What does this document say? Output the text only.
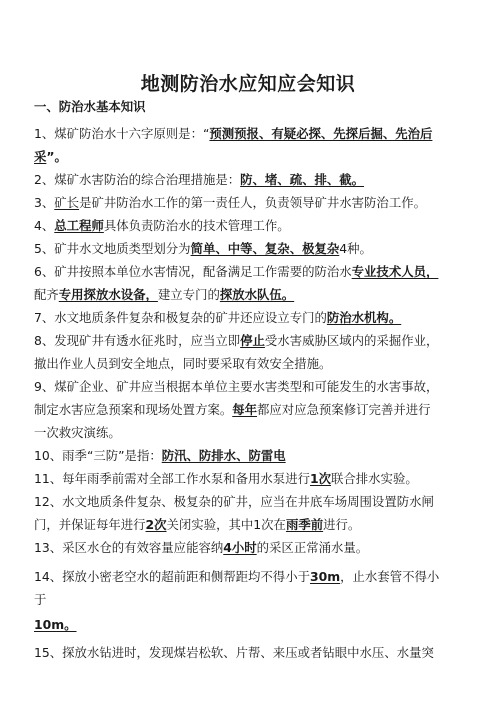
地测防治水应知应会知识
一、防治水基本知识
1、煤矿防治水十六字原则是：“预测预报、有疑必探、先探后掘、先治后
采”。
2、煤矿水害防治的综合治理措施是：防、堵、疏、排、截。
3、矿长是矿井防治水工作的第一责任人，负责领导矿井水害防治工作。
4、总工程师具体负责防治水的技术管理工作。
5、矿井水文地质类型划分为简单、中等、复杂、极复杂4种。
6、矿井按照本单位水害情况，配备满足工作需要的防治水专业技术人员，
配齐专用探放水设备，建立专门的探放水队伍。
7、水文地质条件复杂和极复杂的矿井还应设立专门的防治水机构。
8、发现矿井有透水征兆时，应当立即停止受水害威胁区域内的采掘作业，
撤出作业人员到安全地点，同时要采取有效安全措施。
9、煤矿企业、矿井应当根据本单位主要水害类型和可能发生的水害事故，
制定水害应急预案和现场处置方案。每年都应对应急预案修订完善并进行
一次救灾演练。
10、雨季“三防”是指：防汛、防排水、防雷电
11、每年雨季前需对全部工作水泵和备用水泵进行1次联合排水实验。
12、水文地质条件复杂、极复杂的矿井，应当在井底车场周围设置防水闸
门，并保证每年进行2次关闭实验，其中1次在雨季前进行。
13、采区水仓的有效容量应能容纳4小时的采区正常涌水量。
14、探放小密老空水的超前距和侧帮距均不得小于30m，止水套管不得小
于
10m。
15、探放水钻进时，发现煤岩松软、片帮、来压或者钻眼中水压、水量突
